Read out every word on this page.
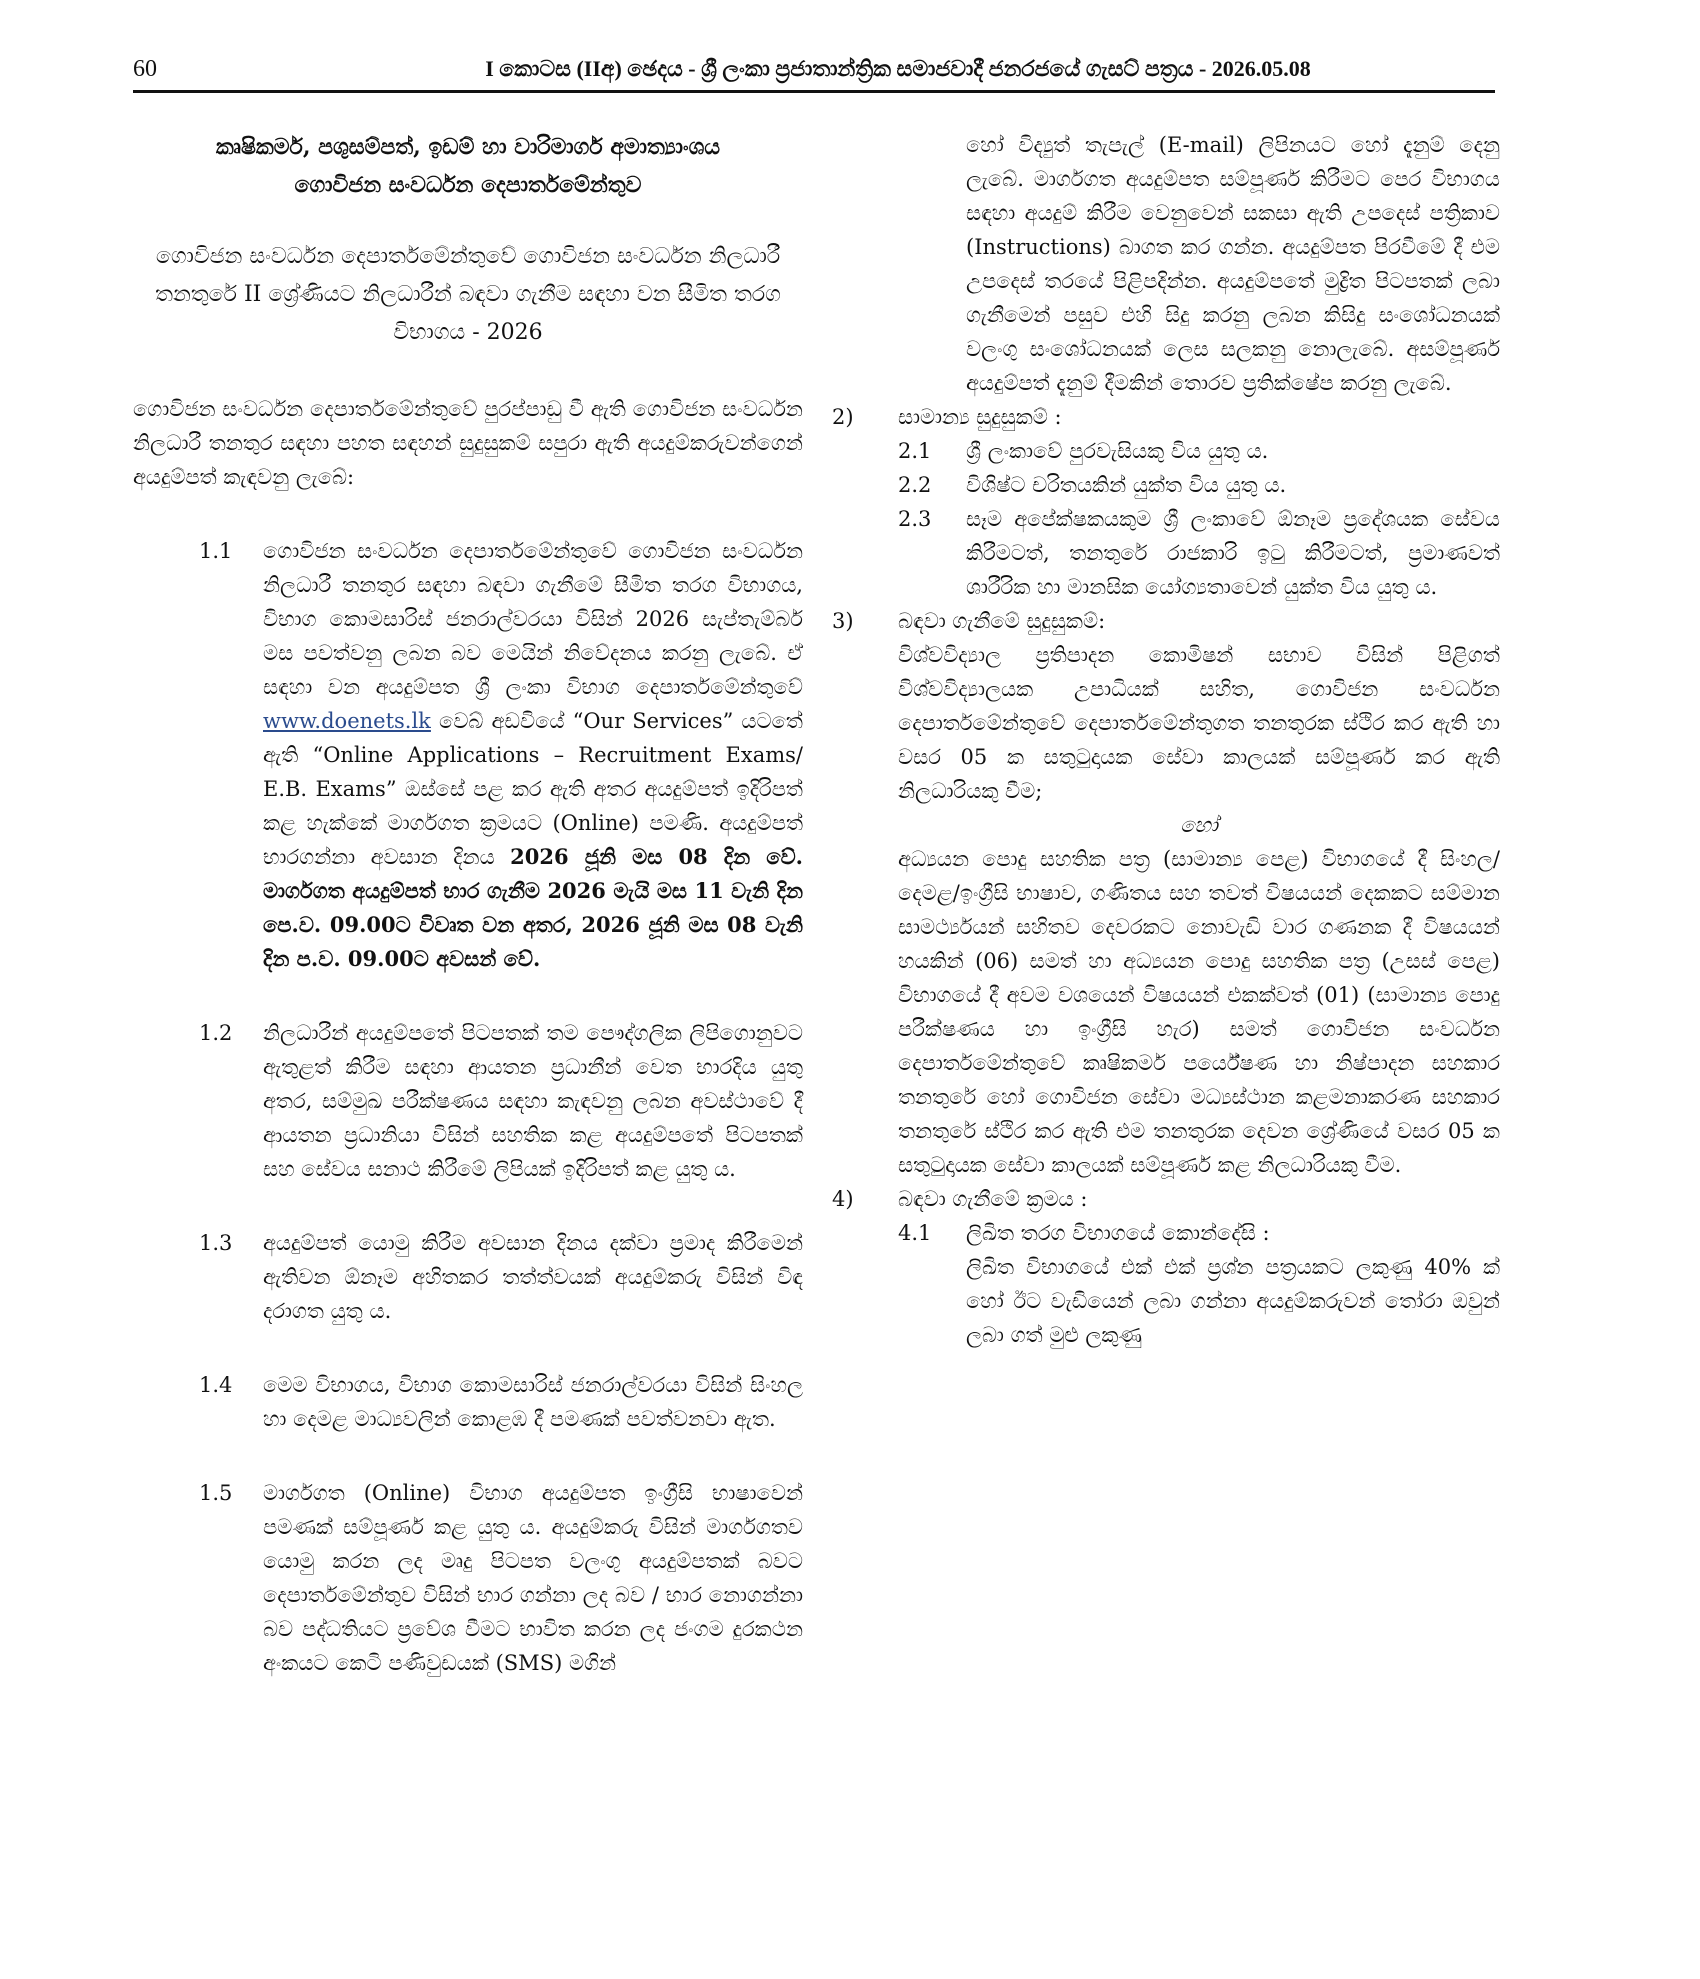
60	I කොටස (IIඅ) ඡෙදය - ශ්‍රී ලංකා ප්‍රජාතාන්ත්‍රික සමාජවාදී ජනරජයේ ගැසට් පත්‍රය - 2026.05.08

කෘෂිකර්ම, පශුසම්පත්, ඉඩම් හා වාරිමාර්ග අමාත්‍යාංශය

ගොවිජන සංවර්ධන දෙපාර්තමේන්තුව

ගොවිජන සංවර්ධන දෙපාර්තමේන්තුවේ ගොවිජන සංවර්ධන නිලධාරී තනතුරේ II ශ්‍රේණියට නිලධාරීන් බඳවා ගැනීම සඳහා වන සීමිත තරග විභාගය - 2026

ගොවිජන සංවර්ධන දෙපාර්තමේන්තුවේ පුරප්පාඩු වී ඇති ගොවිජන සංවර්ධන නිලධාරී තනතුර සඳහා පහත සඳහන් සුදුසුකම් සපුරා ඇති අයදුම්කරුවන්ගෙන් අයදුම්පත් කැඳවනු ලැබේ:

1.1 ගොවිජන සංවර්ධන දෙපාර්තමේන්තුවේ ගොවිජන සංවර්ධන නිලධාරී තනතුර සඳහා බඳවා ගැනීමේ සීමිත තරග විභාගය, විභාග කොමසාරිස් ජනරාල්වරයා විසින් 2026 සැප්තැම්බර් මස පවත්වනු ලබන බව මෙයින් නිවේදනය කරනු ලැබේ. ඒ සඳහා වන අයදුම්පත ශ්‍රී ලංකා විභාග දෙපාර්තමේන්තුවේ www.doenets.lk වෙබ් අඩවියේ “Our Services” යටතේ ඇති “Online Applications – Recruitment Exams/ E.B. Exams” ඔස්සේ පළ කර ඇති අතර අයදුම්පත් ඉදිරිපත් කළ හැක්කේ මාර්ගගත ක්‍රමයට (Online) පමණි. අයදුම්පත් භාරගන්නා අවසාන දිනය 2026 ජූනි මස 08 දින වේ. මාර්ගගත අයදුම්පත් භාර ගැනීම 2026 මැයි මස 11 වැනි දින පෙ.ව. 09.00ට විවෘත වන අතර, 2026 ජූනි මස 08 වැනි දින ප.ව. 09.00ට අවසන් වේ.

1.2 නිලධාරීන් අයදුම්පතේ පිටපතක් තම පෞද්ගලික ලිපිගොනුවට ඇතුළත් කිරීම සඳහා ආයතන ප්‍රධානීන් වෙත භාරදිය යුතු අතර, සම්මුඛ පරීක්ෂණය සඳහා කැඳවනු ලබන අවස්ථාවේ දී ආයතන ප්‍රධානියා විසින් සහතික කළ අයදුම්පතේ පිටපතක් සහ සේවය සනාථ කිරීමේ ලිපියක් ඉදිරිපත් කළ යුතු ය.

1.3 අයදුම්පත් යොමු කිරීම අවසාන දිනය දක්වා ප්‍රමාද කිරීමෙන් ඇතිවන ඕනෑම අහිතකර තත්ත්වයක් අයදුම්කරු විසින් විඳ දරාගත යුතු ය.

1.4 මෙම විභාගය, විභාග කොමසාරිස් ජනරාල්වරයා විසින් සිංහල හා දෙමළ මාධ්‍යවලින් කොළඹ දී පමණක් පවත්වනවා ඇත.

1.5 මාර්ගගත (Online) විභාග අයදුම්පත ඉංග්‍රීසි භාෂාවෙන් පමණක් සම්පූර්ණ කළ යුතු ය. අයදුම්කරු විසින් මාර්ගගතව යොමු කරන ලද මෘදු පිටපත වලංගු අයදුම්පතක් බවට දෙපාර්තමේන්තුව විසින් භාර ගන්නා ලද බව / භාර නොගන්නා බව පද්ධතියට ප්‍රවේශ වීමට භාවිත කරන ලද ජංගම දුරකථන අංකයට කෙටි පණිවුඩයක් (SMS) මගින්

හෝ විද්‍යුත් තැපැල් (E-mail) ලිපිනයට හෝ දැනුම් දෙනු ලැබේ. මාර්ගගත අයදුම්පත සම්පූර්ණ කිරීමට පෙර විභාගය සඳහා අයදුම් කිරීම වෙනුවෙන් සකසා ඇති උපදෙස් පත්‍රිකාව (Instructions) බාගත කර ගන්න. අයදුම්පත පිරවීමේ දී එම උපදෙස් තරයේ පිළිපදින්න. අයදුම්පතේ මුද්‍රිත පිටපතක් ලබා ගැනීමෙන් පසුව එහි සිදු කරනු ලබන කිසිදු සංශෝධනයක් වලංගු සංශෝධනයක් ලෙස සලකනු නොලැබේ. අසම්පූර්ණ අයදුම්පත් දැනුම් දීමකින් තොරව ප්‍රතික්ෂේප කරනු ලැබේ.

2) සාමාන්‍ය සුදුසුකම් :
2.1 ශ්‍රී ලංකාවේ පුරවැසියකු විය යුතු ය.
2.2 විශිෂ්ට චරිතයකින් යුක්ත විය යුතු ය.
2.3 සෑම අපේක්ෂකයකුම ශ්‍රී ලංකාවේ ඕනෑම ප්‍රදේශයක සේවය කිරීමටත්, තනතුරේ රාජකාරි ඉටු කිරීමටත්, ප්‍රමාණවත් ශාරීරික හා මානසික යෝග්‍යතාවෙන් යුක්ත විය යුතු ය.
3) බඳවා ගැනීමේ සුදුසුකම්:

විශ්වවිද්‍යාල ප්‍රතිපාදන කොමිෂන් සභාව විසින් පිළිගත් විශ්වවිද්‍යාලයක උපාධියක් සහිත, ගොවිජන සංවර්ධන දෙපාර්තමේන්තුවේ දෙපාර්තමේන්තුගත තනතුරක ස්ථිර කර ඇති හා වසර 05 ක සතුටුදායක සේවා කාලයක් සම්පූර්ණ කර ඇති නිලධාරියකු වීම;

හෝ

අධ්‍යයන පොදු සහතික පත්‍ර (සාමාන්‍ය පෙළ) විභාගයේ දී සිංහල/දෙමළ/ඉංග්‍රීසි භාෂාව, ගණිතය සහ තවත් විෂයයන් දෙකකට සම්මාන සාමර්ථ්‍යයන් සහිතව දෙවරකට නොවැඩි වාර ගණනක දී විෂයයන් හයකින් (06) සමත් හා අධ්‍යයන පොදු සහතික පත්‍ර (උසස් පෙළ) විභාගයේ දී අවම වශයෙන් විෂයයන් එකක්වත් (01) (සාමාන්‍ය පොදු පරීක්ෂණය හා ඉංග්‍රීසි හැර) සමත් ගොවිජන සංවර්ධන දෙපාර්තමේන්තුවේ කෘෂිකර්ම පර්යේෂණ හා නිෂ්පාදන සහකාර තනතුරේ හෝ ගොවිජන සේවා මධ්‍යස්ථාන කළමනාකරණ සහකාර තනතුරේ ස්ථිර කර ඇති එම තනතුරක දෙවන ශ්‍රේණියේ වසර 05 ක සතුටුදායක සේවා කාලයක් සම්පූර්ණ කළ නිලධාරියකු වීම.

4) බඳවා ගැනීමේ ක්‍රමය :
4.1 ලිඛිත තරග විභාගයේ කොන්දේසි :

ලිඛිත විභාගයේ එක් එක් ප්‍රශ්න පත්‍රයකට ලකුණු 40% ක් හෝ ඊට වැඩියෙන් ලබා ගන්නා අයදුම්කරුවන් තෝරා ඔවුන් ලබා ගත් මුළු ලකුණු
